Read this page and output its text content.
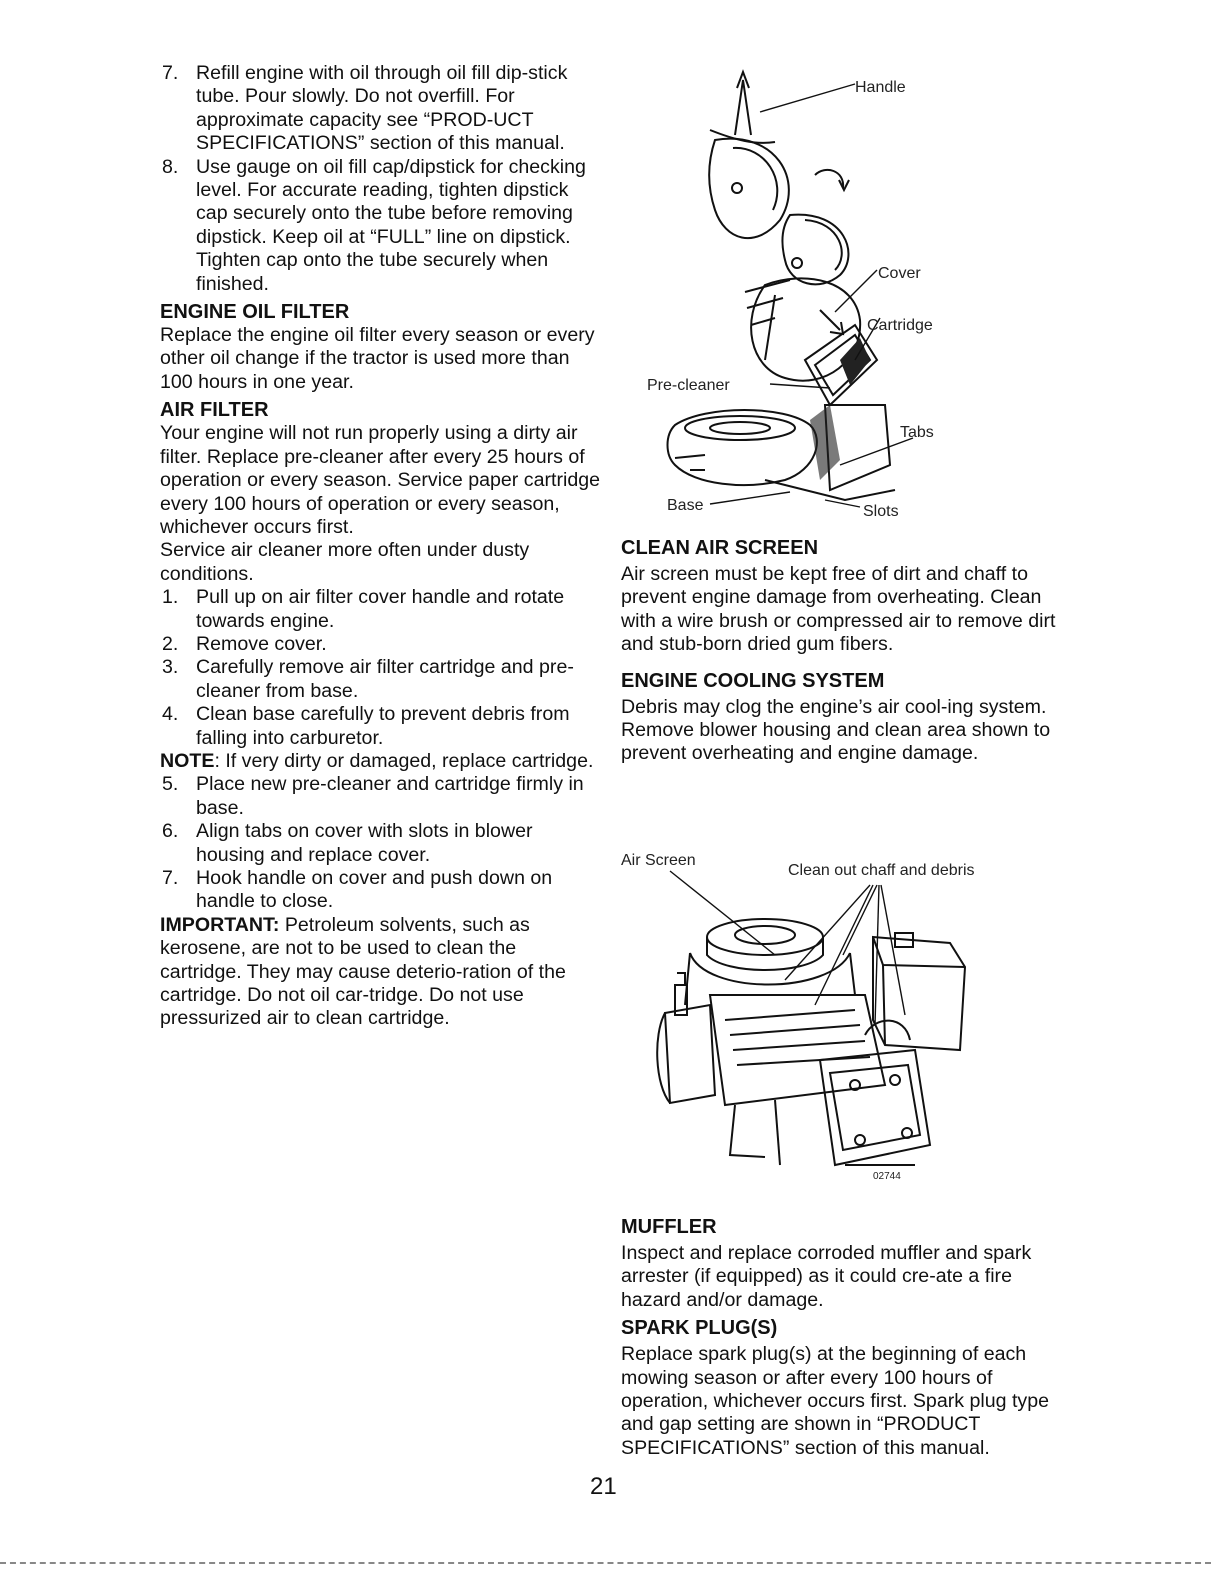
7. Refill engine with oil through oil fill dip-stick tube. Pour slowly. Do not overfill. For approximate capacity see “PROD-UCT SPECIFICATIONS” section of this manual.
8. Use gauge on oil fill cap/dipstick for checking level. For accurate reading, tighten dipstick cap securely onto the tube before removing dipstick. Keep oil at “FULL” line on dipstick. Tighten cap onto the tube securely when finished.
ENGINE OIL FILTER

Replace the engine oil filter every season or every other oil change if the tractor is used more than 100 hours in one year.

AIR FILTER

Your engine will not run properly using a dirty air filter. Replace pre-cleaner after every 25 hours of operation or every season. Service paper cartridge every 100 hours of operation or every season, whichever occurs first.

Service air cleaner more often under dusty conditions.

1. Pull up on air filter cover handle and rotate towards engine.
2. Remove cover.
3. Carefully remove air filter cartridge and pre-cleaner from base.
4. Clean base carefully to prevent debris from falling into carburetor.

NOTE: If very dirty or damaged, replace cartridge.

5. Place new pre-cleaner and cartridge firmly in base.
6. Align tabs on cover with slots in blower housing and replace cover.
7. Hook handle on cover and push down on handle to close.

IMPORTANT: Petroleum solvents, such as kerosene, are not to be used to clean the cartridge. They may cause deterio-ration of the cartridge. Do not oil car-tridge. Do not use pressurized air to clean cartridge.

Handle
Cover
Cartridge
Pre-cleaner
Tabs
Base	Slots
CLEAN AIR SCREEN

Air screen must be kept free of dirt and chaff to prevent engine damage from overheating. Clean with a wire brush or compressed air to remove dirt and stub-born dried gum fibers.

ENGINE COOLING SYSTEM

Debris may clog the engine’s air cool-ing system. Remove blower housing and clean area shown to prevent overheating and engine damage.

Air Screen
Clean out chaff and debris
02744
MUFFLER

Inspect and replace corroded muffler and spark arrester (if equipped) as it could cre-ate a fire hazard and/or damage.

SPARK PLUG(S)

Replace spark plug(s) at the beginning of each mowing season or after every 100 hours of operation, whichever occurs first. Spark plug type and gap setting are shown in “PRODUCT SPECIFICATIONS” section of this manual.

21
